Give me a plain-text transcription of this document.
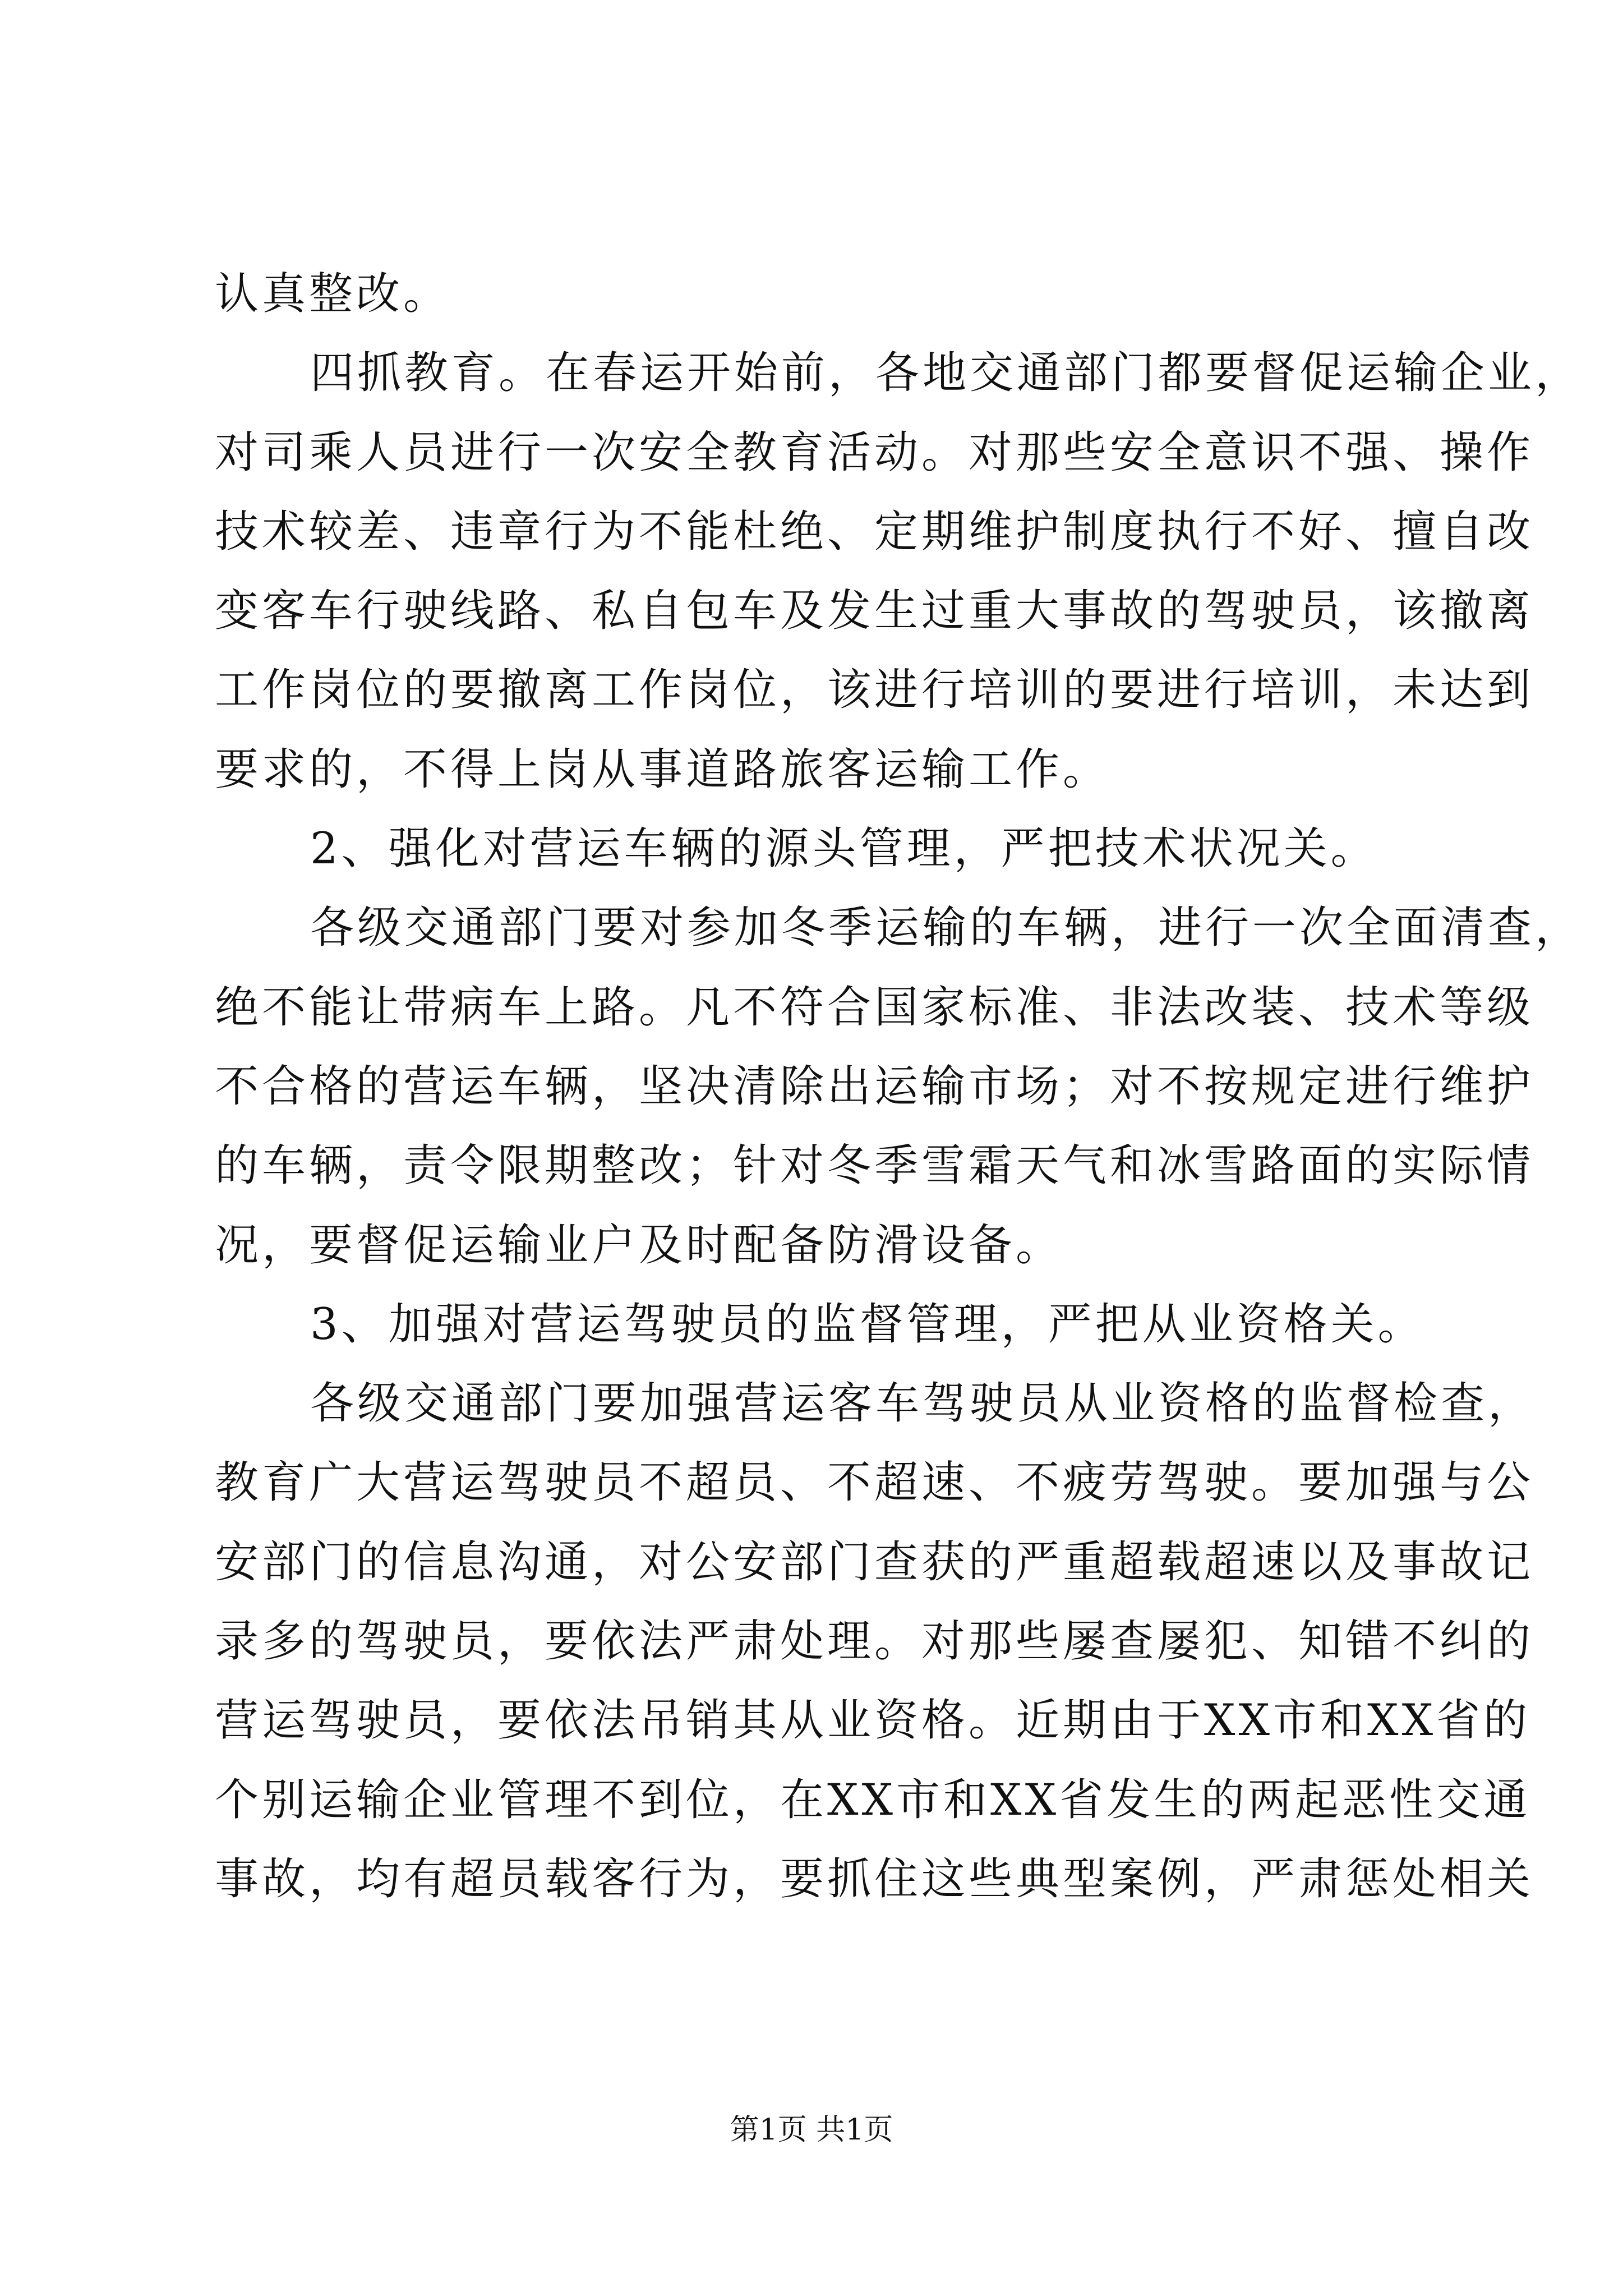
认真整改。
四抓教育。在春运开始前，各地交通部门都要督促运输企业，
对司乘人员进行一次安全教育活动。对那些安全意识不强、操作
技术较差、违章行为不能杜绝、定期维护制度执行不好、擅自改
变客车行驶线路、私自包车及发生过重大事故的驾驶员，该撤离
工作岗位的要撤离工作岗位，该进行培训的要进行培训，未达到
要求的，不得上岗从事道路旅客运输工作。
2、强化对营运车辆的源头管理，严把技术状况关。
各级交通部门要对参加冬季运输的车辆，进行一次全面清查，
绝不能让带病车上路。凡不符合国家标准、非法改装、技术等级
不合格的营运车辆，坚决清除出运输市场；对不按规定进行维护
的车辆，责令限期整改；针对冬季雪霜天气和冰雪路面的实际情
况，要督促运输业户及时配备防滑设备。
3、加强对营运驾驶员的监督管理，严把从业资格关。
各级交通部门要加强营运客车驾驶员从业资格的监督检查，
教育广大营运驾驶员不超员、不超速、不疲劳驾驶。要加强与公
安部门的信息沟通，对公安部门查获的严重超载超速以及事故记
录多的驾驶员，要依法严肃处理。对那些屡查屡犯、知错不纠的
营运驾驶员，要依法吊销其从业资格。近期由于XX市和XX省的
个别运输企业管理不到位，在XX市和XX省发生的两起恶性交通
事故，均有超员载客行为，要抓住这些典型案例，严肃惩处相关
第1页 共1页
